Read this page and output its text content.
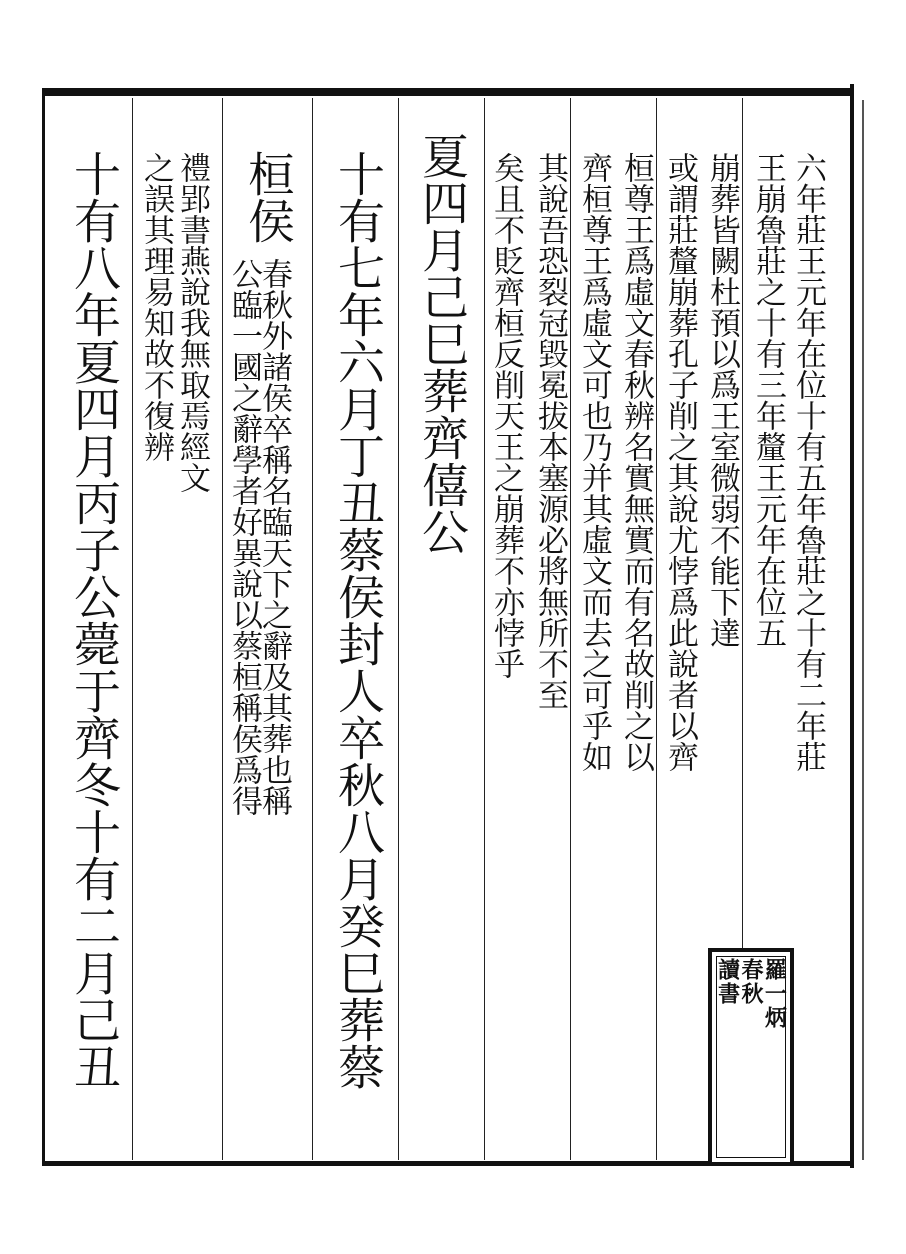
六年莊王元年在位十有五年魯莊之十有二年莊
王崩魯莊之十有三年釐王元年在位五
崩葬皆闕杜預以爲王室微弱不能下達
或謂莊釐崩葬孔子削之其說尤悖爲此說者以齊
桓尊王爲虛文春秋辨名實無實而有名故削之以
齊桓尊王爲虛文可也乃并其虛文而去之可乎如
其說吾恐裂冠毀冕拔本塞源必將無所不至
矣且不貶齊桓反削天王之崩葬不亦悖乎
夏四月己巳葬齊僖公
十有七年六月丁丑蔡侯封人卒秋八月癸巳葬蔡
桓侯
春秋外諸侯卒稱名臨天下之辭及其葬也稱
公臨一國之辭學者好異說以蔡桓稱侯爲得
禮郢書燕說我無取焉經文
之誤其理易知故不復辨
十有八年夏四月丙子公薨于齊冬十有二月己丑	羅一炳
春秋
讀書
